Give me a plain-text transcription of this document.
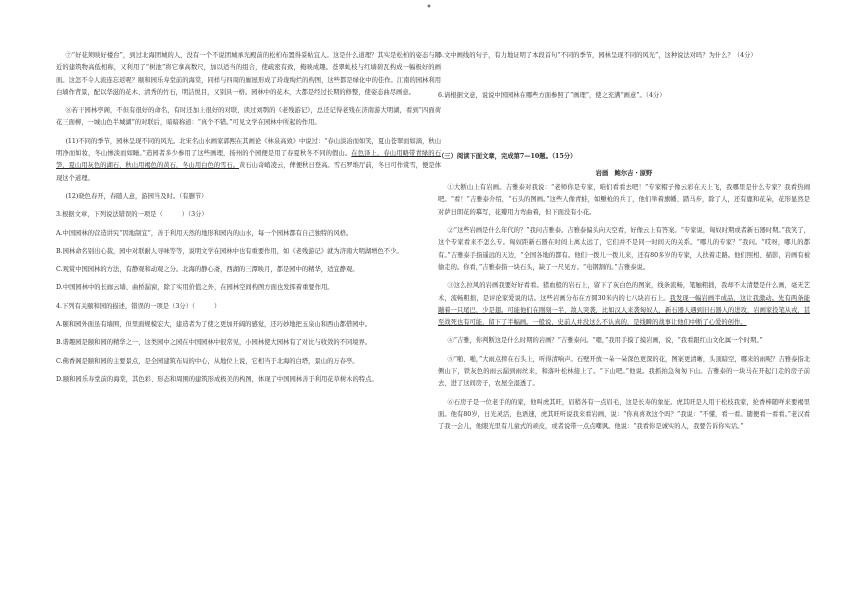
•

⑦“好花须映好楼台”，到过北海团城的人，没有一个不说团城承光殿前的松柏布置得妥帖宜人。这是什么道理？其实是松柏的姿态与附近的建筑物高低相称，又利用了“树池”将它拿高数尺，加以适当的组合，使疏密有致，掩映成趣。苍翠虬枝与红墙碧瓦构成一幅极好的画面。这怎不令人流连忘返呢？颐和园乐寿堂前的海棠，同样与四周的廊屋形成了玲珑绚烂的构图，这些都是绿化中的佳作。江南的园林利用白墙作背景，配以华滋的花木、清秀的竹石，明洁悦目，又别具一格。园林中的花木，大都是经过长期的修整，使姿态曲尽画意。

⑧若干园林亭阁，不但有很好的命名，有时还加上很好的对联，读过刘鹗的《老残游记》，总还记得老残在济南游大明湖，看到“四面荷花三面柳，一城山色半城湖”的对联后，暗暗称道：“真个不错。”可见文学在园林中所起的作用。

(11)不同的季节，园林呈现不同的风光。北宋名山水画家郭熙在其画论《林泉高致》中说过：“春山淡冶而如笑，夏山苍翠而如滴，秋山明净而如妆，冬山惨淡而如睡。”造园者多少参用了这些画理，扬州的个园便是用了春夏秋冬不同的假山。在色泽上，春山用略带青绿的石笋，夏山用灰色的湖石，秋山用褐色的黄石，冬山用白色的雪石。黄石山奇峭凌云，俾便秋日登高。雪石罗堆厅前，冬日可作赏雪，便是体现这个道理。

(12)晓色春开，春随人意，游园当及时。（有删节）

3.根据文章，下列说法错误的一项是（　　　）（3分）

A.中国园林的营造讲究“因地制宜”，善于利用天然的地形和园内的山水，每一个园林都有自己独特的风格。

B.园林命名别出心裁，园中对联耐人寻味等等，说明文学在园林中也有重要作用，如《老残游记》就为济南大明湖增色不少。

C.观赏中国园林的方法，有静观和动观之分。北海的静心斋，西湖的三潭映月，都是园中的精华，适宜静观。

D.中国园林中的长廊云墙、曲桥漏窗，除了实用价值之外，在园林空间构图方面也发挥着重要作用。

4.下列有关颐和园的描述，错误的一项是（3分）（　　　）

A.颐和园外面虽有墙围，但里面规模宏大，建造者为了使之更加开阔的感觉，还巧妙地把玉泉山和西山都借园中。

B.谐趣园是颐和园的精华之一，这类园中之园在中国园林中很常见，小园林使大园林有了对比与收敛的不同境界。

C.佛香阁是颐和园的主要景点，是全园建筑布局的中心，从地位上说，它相当于北海的白塔，景山的万春亭。

D.颐和园乐寿堂前的海棠，其色彩、形态和周围的建筑形成极美的构图，体现了中国园林善于利用花草树木的特点。

5.文中画线的句子，有力地证明了本段首句“不同的季节，园林呈现不同的风光”，这种说法对吗？为什么？（4分）

6.请根据文意，说说中国园林在哪些方面参照了“画理”，使之充满“画意”。（4分）

（三）阅读下面文章，完成第7—10题。（15分）

岩画　鲍尔吉・原野

①大断山上有岩画。吉雅泰对我说：“老师你是专家，咱们看看去吧！”专家帽子像云彩在天上飞，我哪里是什么专家？我看热闹吧。“看！”吉雅泰介绍，“石头的图画。”这些人像青蛙，如鳅枪的兵丁，他们举着旗幡、踏马步，除了人，还有鹿和花朵，花形显然是对萨日朗花的摹写，花瓣用力弯曲着，但下面没有小花。

②“这些岩画是什么年代的？”我问吉雅泰。吉雅泰偏头向天空看，好像云上有答案。“专家说，匈奴时期或者新石器时期。”我笑了，这个专家看来不怎么专。匈奴距新石器在时间上离太远了，它们并不是同一时间天的关系。“哪儿的专家？”我问。“哎呀，哪儿的都有。”吉雅泰手指遥远的天边，“全国各地的都有。他们一拨儿一拨儿来，还有80多岁的专家，人扶着走路。他们照相、描影，岩画有被偷走的。你看，”吉雅泰指一块石头，缺了一尺见方。“电钢割的。”吉雅泰说。

③这么拉风的岩画我要好好看看。猪血般的岩石上，留下了灰白色的图案，线条流畅，笔触粗拙，我却不太清楚是什么画，毫无艺术，流畅粗拙，是评论家爱说的话。这些岩画分布在方圆30米内的七八块岩石上。我发现一幅岩画半成品，这让我激动。先有两条能蹦着一只尾巴，少是翅。可能他们在刚刻一半，敌人突袭，比如汉人来袭匈奴人，新石器人遇到旧石器人的进攻，岩画家投笔从戎，甚至战死也有可能，留下了半幅画。一般说，史前人并没这么不认真的，是线瞬的战事让他们中断了心爱的创作。

④“吉雅，你判断这是什么时期的岩画？”吉雅泰问。“嗯，”我用手摸了摸岩画，说，“我看跟红山文化属一个时期。”

⑤“啪、啪，”大雨点摔在石头上，听得清响声。石壁开放一朵一朵深色更深的花，图案更清晰，头顶暗空，哪来的雨呢？吉雅泰指北侧山下，铁灰色的雨云漏到雨丝来，和落叶松林接上了。“下山吧。”他说。我抓拍急匆匆下山。吉雅泰的一块马在开起门走的房子前去，进了这间房子，农屋全湿透了。

⑥石房子是一位老手的的家，他叫虎其旺，眉稍各有一点眉毛，这是长寿的象征。虎其旺是人用干松枝我家，抡香棒随咩来要褐里面。他有80岁，日光灵活，也语速，虎其旺听说我来看岩画，说：“你真喜欢这个吗？”我说：“不懂，看一看。随便看一看看。”老汉看了我一会儿，他眼光里有儿童式的顽皮，或者说带一点点嘲讽。他说：“我看你是诚实的人，我要告诉你实话。”
